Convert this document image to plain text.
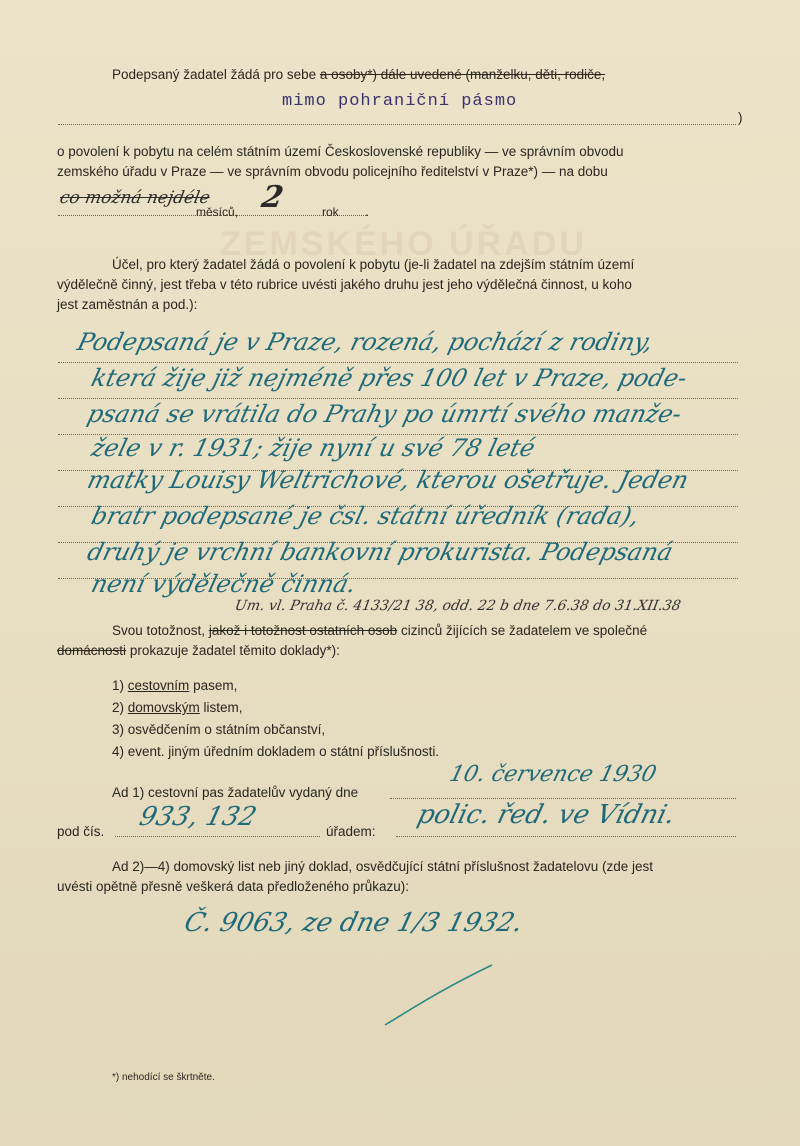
ZEMSKÉHO ÚŘADU
Podepsaný žadatel žádá pro sebe a osoby*) dále uvedené (manželku, děti, rodiče,
mimo pohraniční pásmo
)
o povolení k pobytu na celém státním území Československé republiky — ve správním obvodu
zemského úřadu v Praze — ve správním obvodu policejního ředitelství v Praze*) — na dobu
co možná nejdéle
měsíců, 2	rok .
Účel, pro který žadatel žádá o povolení k pobytu (je-li žadatel na zdejším státním území
výdělečně činný, jest třeba v této rubrice uvésti jakého druhu jest jeho výdělečná činnost, u koho
jest zaměstnán a pod.):
Podepsaná je v Praze, rozená, pochází z rodiny,
která žije již nejméně přes 100 let v Praze, pode-
psaná se vrátila do Prahy po úmrtí svého manže-
žele v r. 1931; žije nyní u své 78 leté
matky Louisy Weltrichové, kterou ošetřuje. Jeden
bratr podepsané je čsl. státní úředník (rada),
druhý je vrchní bankovní prokurista. Podepsaná
není výdělečně činná.
Um. vl. Praha č. 4133/21 38, odd. 22 b dne 7.6.38 do 31.XII.38
Svou totožnost, jakož i totožnost ostatních osob cizinců žijících se žadatelem ve společné
domácnosti prokazuje žadatel těmito doklady*):
1) cestovním pasem,
2) domovským listem,
3) osvědčením o státním občanství,
4) event. jiným úředním dokladem o státní příslušnosti.
Ad 1) cestovní pas žadatelův vydaný dne
10. července 1930
pod čís. 933, 132	úřadem:
polic. řed. ve Vídni.
Ad 2)—4) domovský list neb jiný doklad, osvědčující státní příslušnost žadatelovu (zde jest
uvésti opětně přesně veškerá data předloženého průkazu):
Č. 9063, ze dne 1/3 1932.
*) nehodící se škrtněte.
